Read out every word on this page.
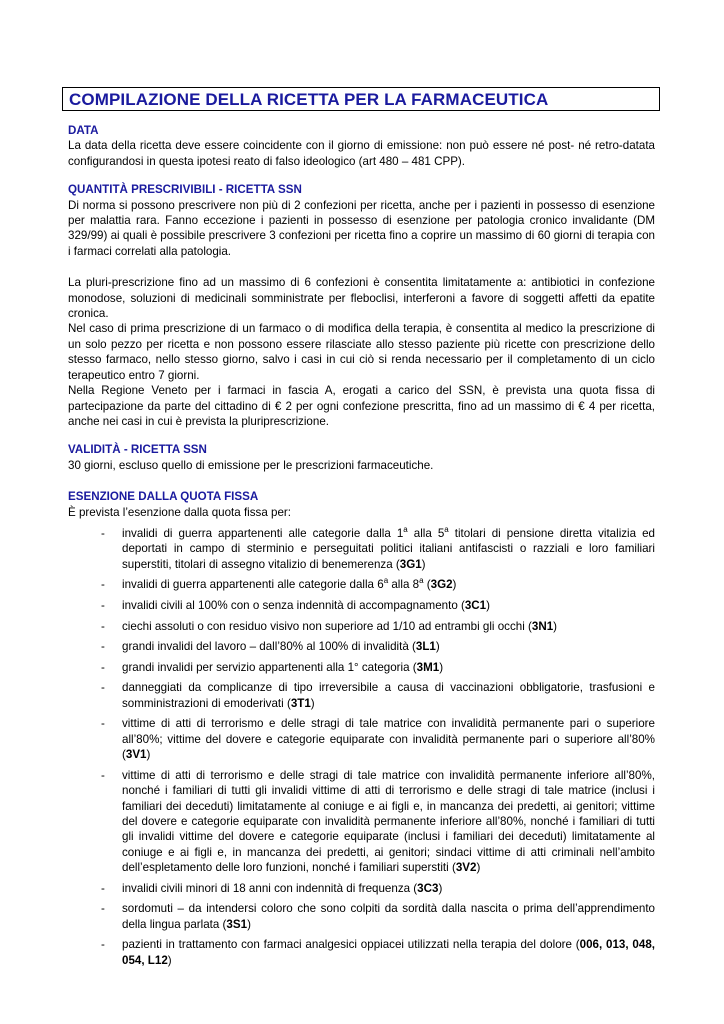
COMPILAZIONE DELLA RICETTA PER LA FARMACEUTICA

DATA

La data della ricetta deve essere coincidente con il giorno di emissione: non può essere né post- né retro-datata configurandosi in questa ipotesi reato di falso ideologico (art 480 – 481 CPP).

QUANTITÀ PRESCRIVIBILI - RICETTA SSN

Di norma si possono prescrivere non più di 2 confezioni per ricetta, anche per i pazienti in possesso di esenzione per malattia rara. Fanno eccezione i pazienti in possesso di esenzione per patologia cronico invalidante (DM 329/99) ai quali è possibile prescrivere 3 confezioni per ricetta fino a coprire un massimo di 60 giorni di terapia con i farmaci correlati alla patologia.

La pluri-prescrizione fino ad un massimo di 6 confezioni è consentita limitatamente a: antibiotici in confezione monodose, soluzioni di medicinali somministrate per fleboclisi, interferoni a favore di soggetti affetti da epatite cronica.

Nel caso di prima prescrizione di un farmaco o di modifica della terapia, è consentita al medico la prescrizione di un solo pezzo per ricetta e non possono essere rilasciate allo stesso paziente più ricette con prescrizione dello stesso farmaco, nello stesso giorno, salvo i casi in cui ciò si renda necessario per il completamento di un ciclo terapeutico entro 7 giorni.

Nella Regione Veneto per i farmaci in fascia A, erogati a carico del SSN, è prevista una quota fissa di partecipazione da parte del cittadino di € 2 per ogni confezione prescritta, fino ad un massimo di € 4 per ricetta, anche nei casi in cui è prevista la pluriprescrizione.

VALIDITÀ - RICETTA SSN

30 giorni, escluso quello di emissione per le prescrizioni farmaceutiche.

ESENZIONE DALLA QUOTA FISSA

È prevista l’esenzione dalla quota fissa per:

- invalidi di guerra appartenenti alle categorie dalla 1$^a$ alla 5$^a$ titolari di pensione diretta vitalizia ed deportati in campo di sterminio e perseguitati politici italiani antifascisti o razziali e loro familiari superstiti, titolari di assegno vitalizio di benemerenza (3G1)
- invalidi di guerra appartenenti alle categorie dalla 6$^a$ alla 8$^a$ (3G2)
- invalidi civili al 100% con o senza indennità di accompagnamento (3C1)
- ciechi assoluti o con residuo visivo non superiore ad 1/10 ad entrambi gli occhi (3N1)
- grandi invalidi del lavoro – dall’80% al 100% di invalidità (3L1)
- grandi invalidi per servizio appartenenti alla 1° categoria (3M1)
- danneggiati da complicanze di tipo irreversibile a causa di vaccinazioni obbligatorie, trasfusioni e somministrazioni di emoderivati (3T1)
- vittime di atti di terrorismo e delle stragi di tale matrice con invalidità permanente pari o superiore all’80%; vittime del dovere e categorie equiparate con invalidità permanente pari o superiore all’80% (3V1)
- vittime di atti di terrorismo e delle stragi di tale matrice con invalidità permanente inferiore all’80%, nonché i familiari di tutti gli invalidi vittime di atti di terrorismo e delle stragi di tale matrice (inclusi i familiari dei deceduti) limitatamente al coniuge e ai figli e, in mancanza dei predetti, ai genitori; vittime del dovere e categorie equiparate con invalidità permanente inferiore all’80%, nonché i familiari di tutti gli invalidi vittime del dovere e categorie equiparate (inclusi i familiari dei deceduti) limitatamente al coniuge e ai figli e, in mancanza dei predetti, ai genitori; sindaci vittime di atti criminali nell’ambito dell’espletamento delle loro funzioni, nonché i familiari superstiti (3V2)
- invalidi civili minori di 18 anni con indennità di frequenza (3C3)
- sordomuti – da intendersi coloro che sono colpiti da sordità dalla nascita o prima dell’apprendimento della lingua parlata (3S1)
- pazienti in trattamento con farmaci analgesici oppiacei utilizzati nella terapia del dolore (006, 013, 048, 054, L12)
